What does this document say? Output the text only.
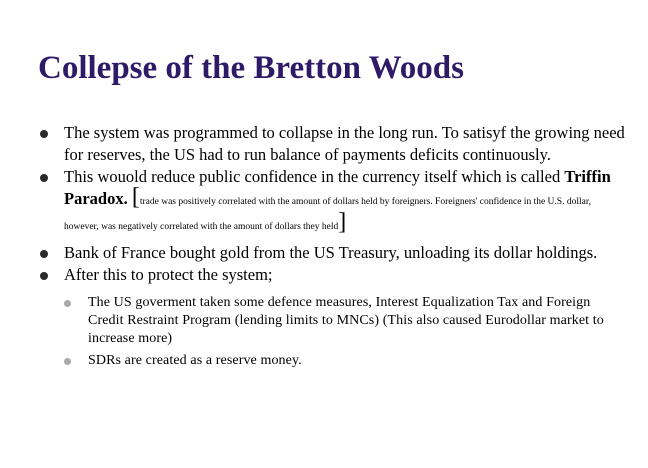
Collepse of the Bretton Woods
The system was programmed to collapse in the long run. To satisyf the growing need for reserves, the US had to run balance of payments deficits continuously.
This wouold reduce public confidence in the currency itself which is called Triffin Paradox. [trade was positively correlated with the amount of dollars held by foreigners. Foreigners' confidence in the U.S. dollar, however, was negatively correlated with the amount of dollars they held]
Bank of France bought gold from the US Treasury, unloading its dollar holdings.
After this to protect the system;
The US goverment taken some defence measures, Interest Equalization Tax and Foreign Credit Restraint Program (lending limits to MNCs) (This also caused Eurodollar market to increase more)
SDRs are created as a reserve money.
